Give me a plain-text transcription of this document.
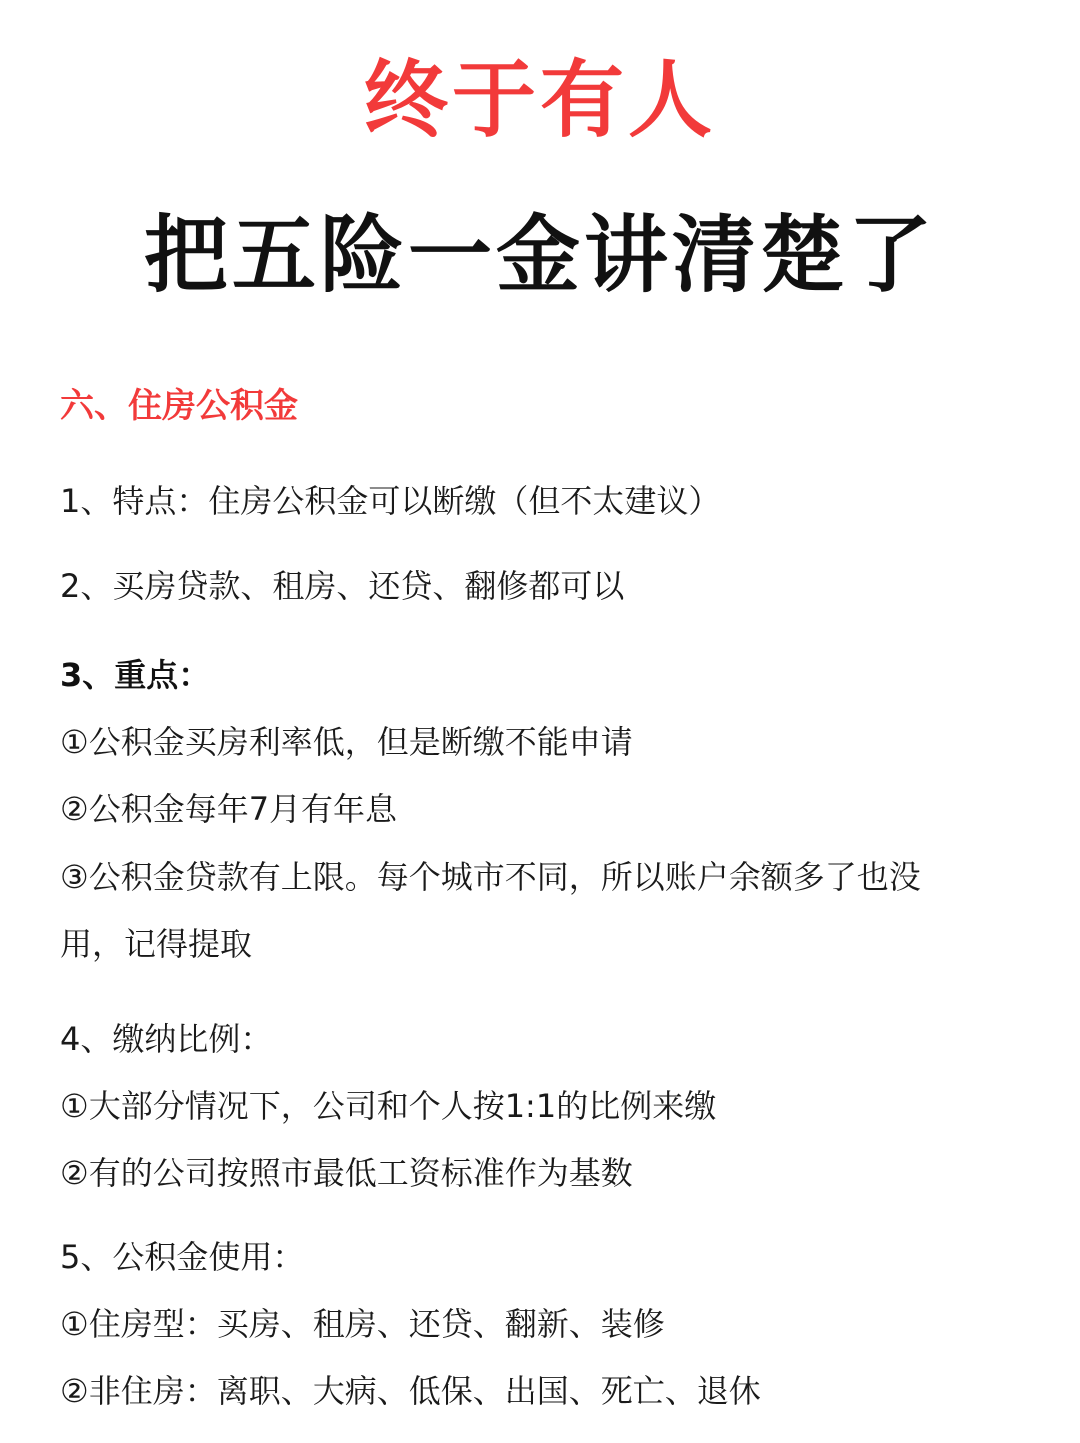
终于有人
把五险一金讲清楚了
六、住房公积金
1、特点：住房公积金可以断缴（但不太建议）
2、买房贷款、租房、还贷、翻修都可以
3、重点：
①公积金买房利率低，但是断缴不能申请
②公积金每年7月有年息
③公积金贷款有上限。每个城市不同，所以账户余额多了也没
用，记得提取
4、缴纳比例：
①大部分情况下，公司和个人按1:1的比例来缴
②有的公司按照市最低工资标准作为基数
5、公积金使用：
①住房型：买房、租房、还贷、翻新、装修
②非住房：离职、大病、低保、出国、死亡、退休
